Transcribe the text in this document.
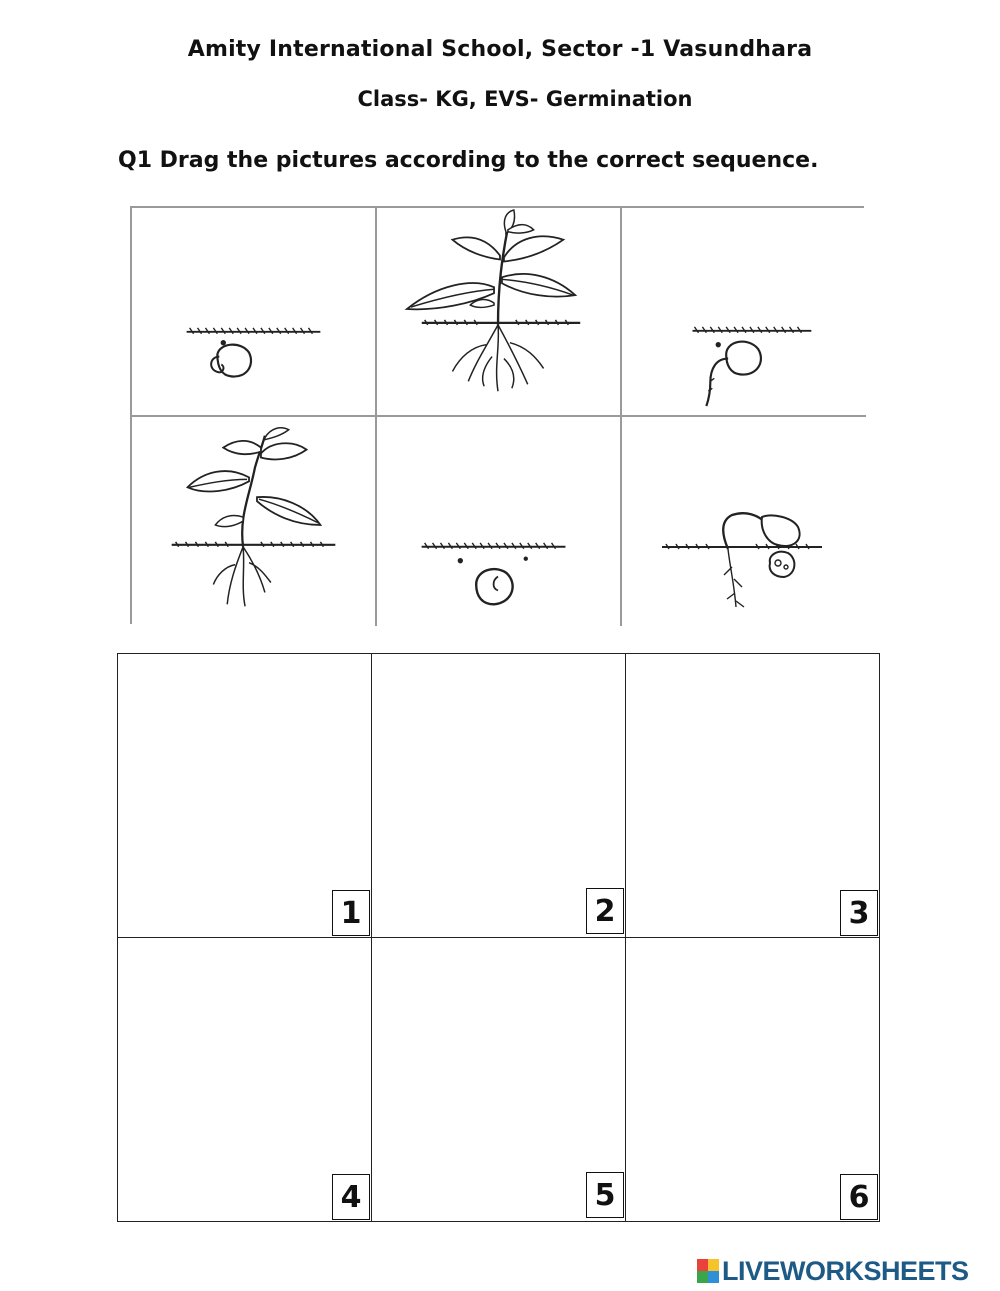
Amity International School, Sector -1 Vasundhara
Class- KG, EVS- Germination
Q1 Drag the pictures according to the correct sequence.
1	2	3
4	5	6
LIVEWORKSHEETS
